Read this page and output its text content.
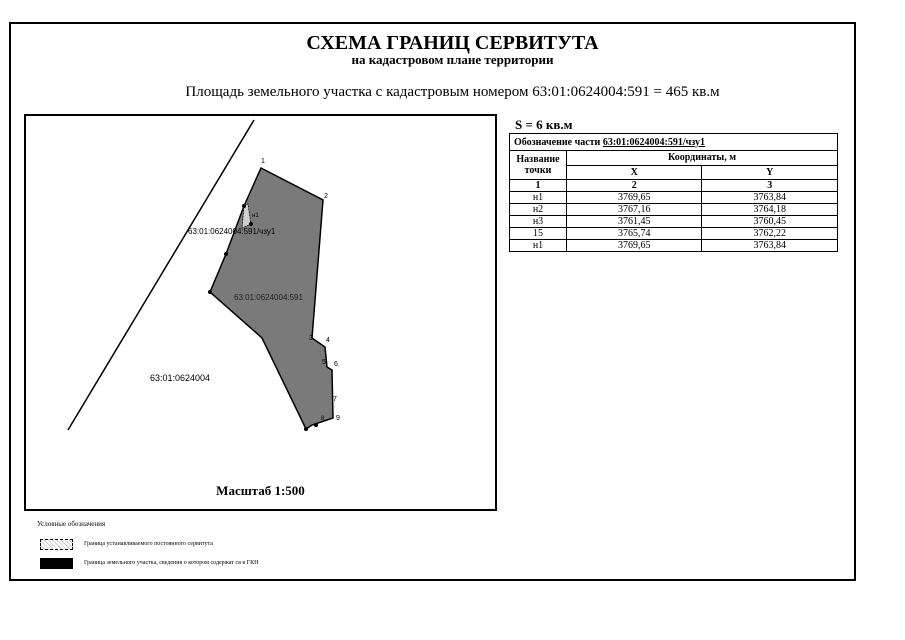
СХЕМА ГРАНИЦ СЕРВИТУТА
на кадастровом плане территории
Площадь земельного участка с кадастровым номером 63:01:0624004:591 = 465 кв.м
1
2
3 4
5 6
7
8 9
н1
63:01:0624004:591/чзу1
63:01:0624004:591
63:01:0624004
Масштаб 1:500
S = 6 кв.м
Обозначение части 63:01:0624004:591/чзу1		
Название точки	Координаты, м	
	X	Y
1	2	3
н1	3769,65	3763,84
н2	3767,16	3764,18
н3	3761,45	3760,45
15	3765,74	3762,22
н1	3769,65	3763,84
Условные обозначения
Граница устанавливаемого постоянного сервитута
Граница земельного участка, сведения о котором содержат ся в ГКН
